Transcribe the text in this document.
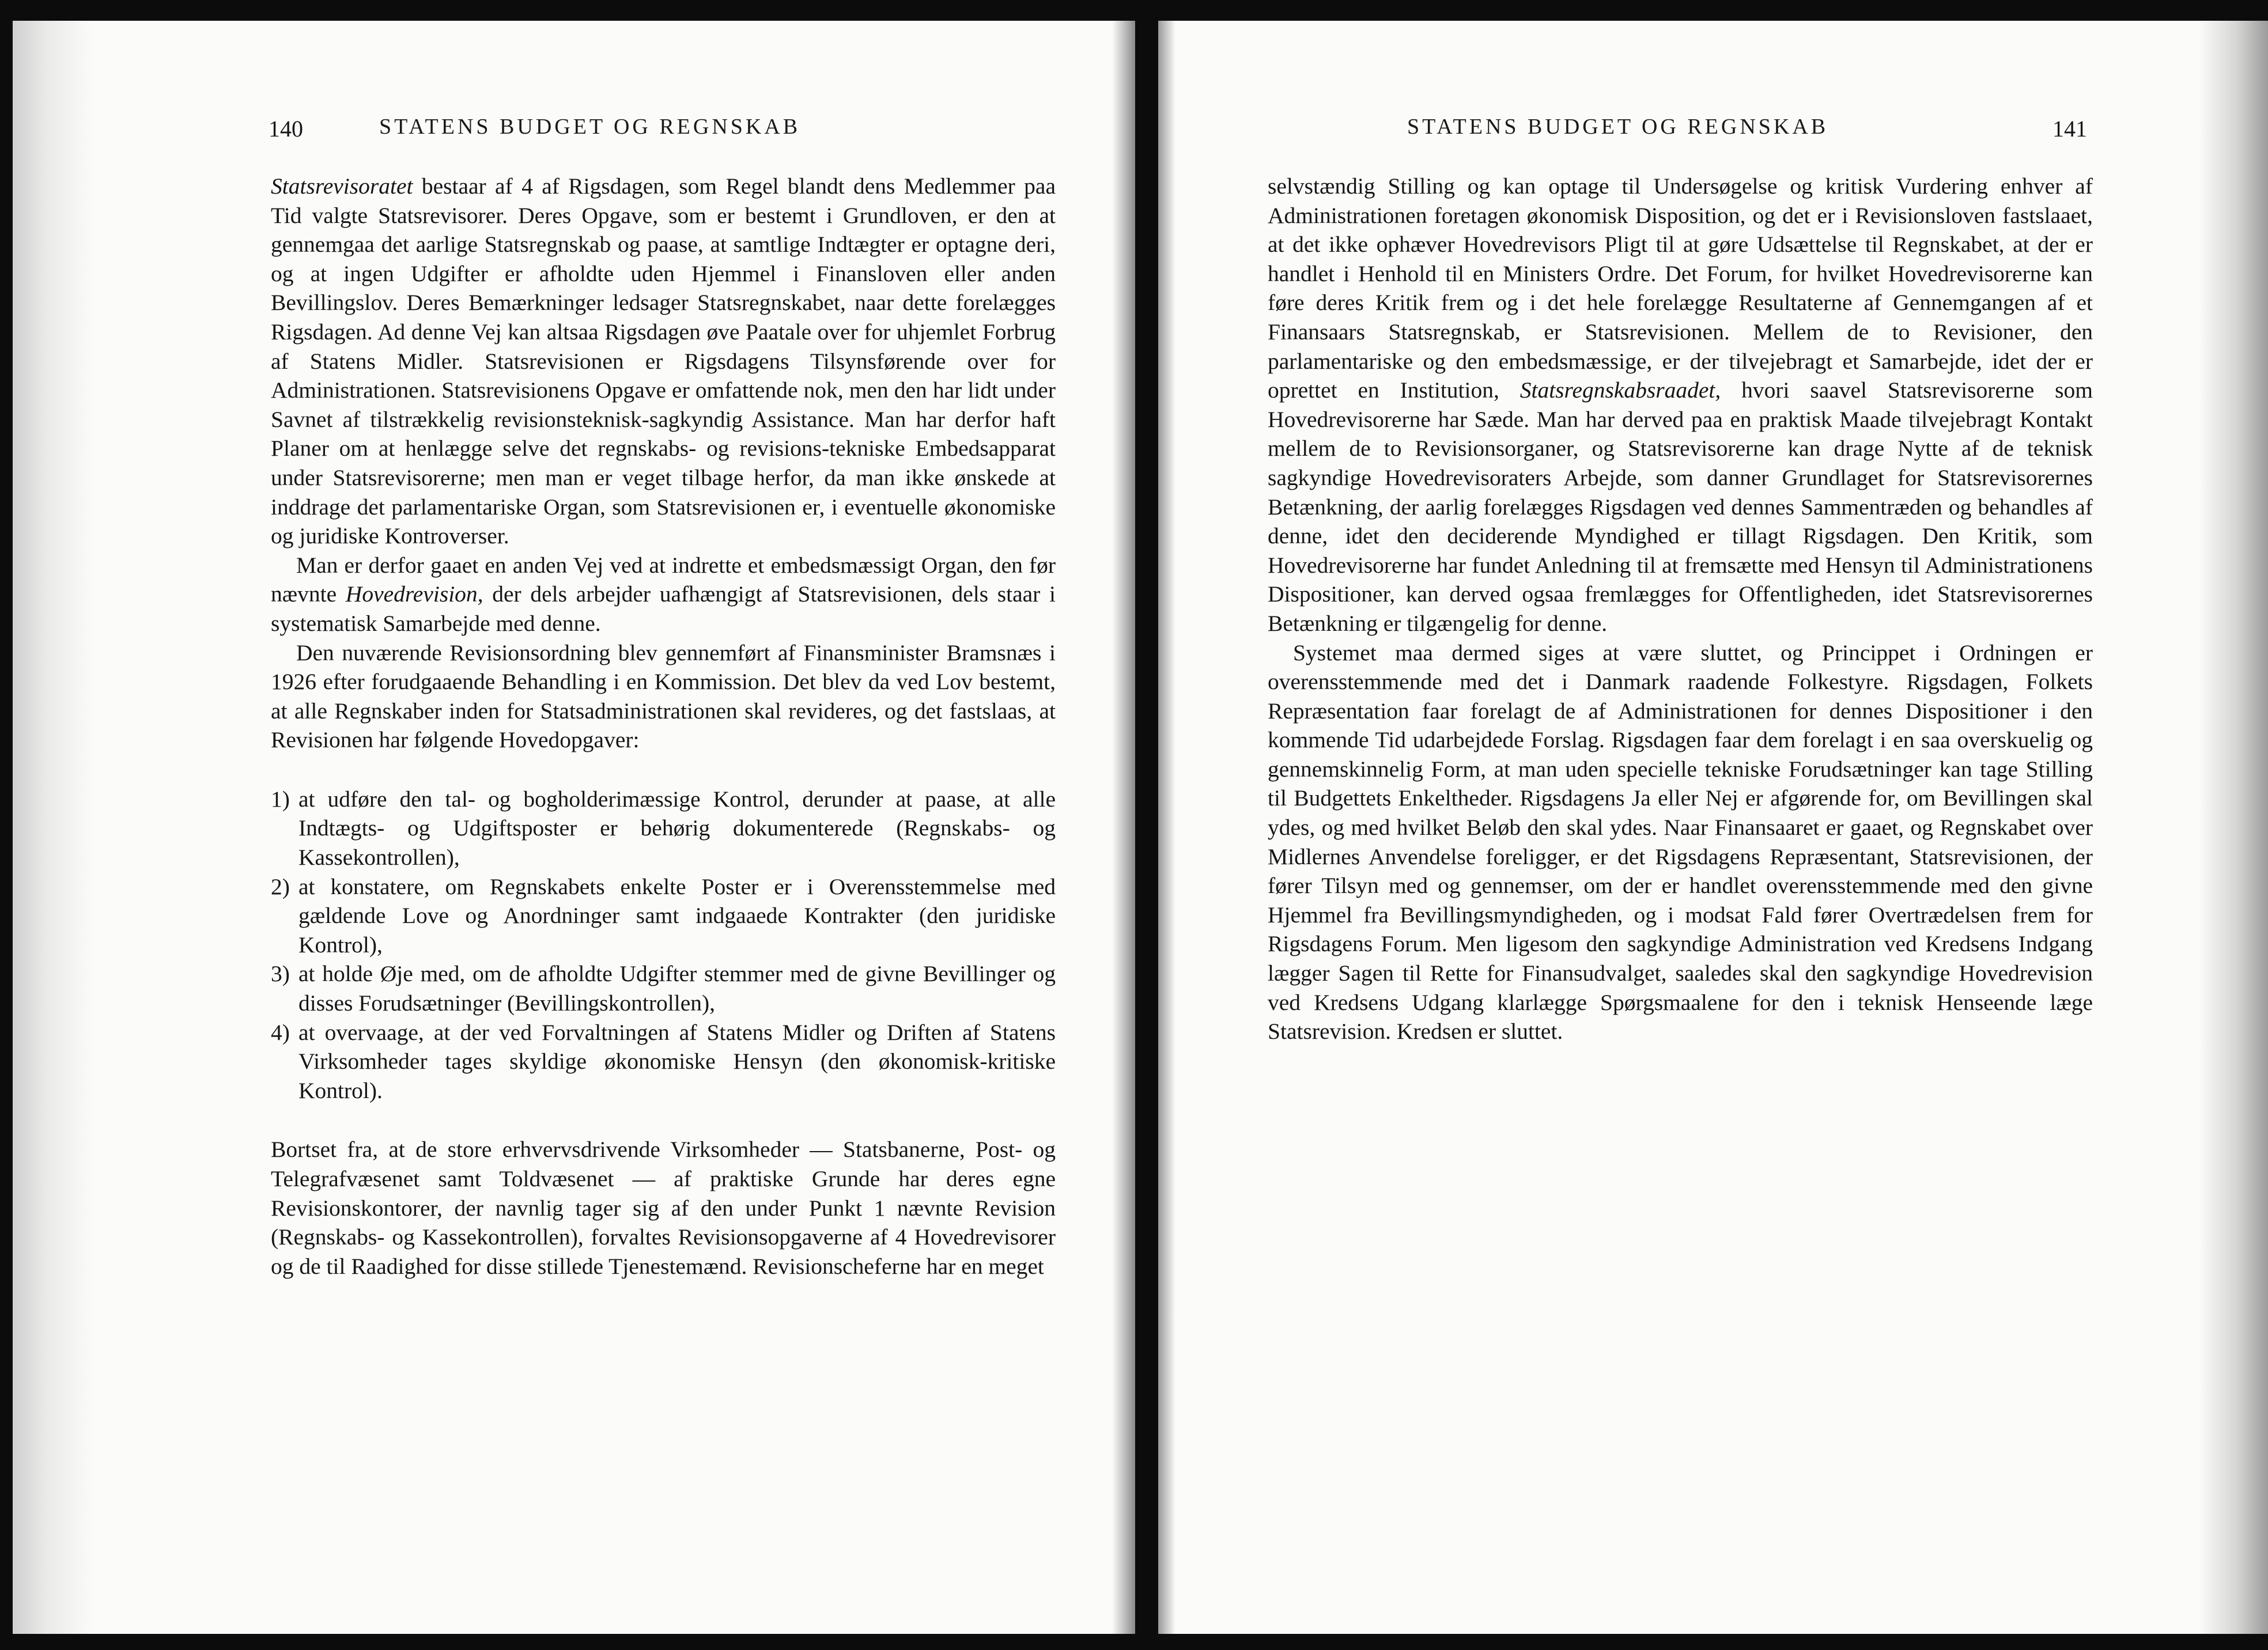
140	STATENS BUDGET OG REGNSKAB

Statsrevisoratet bestaar af 4 af Rigsdagen, som Regel blandt dens Medlemmer paa Tid valgte Statsrevisorer. Deres Opgave, som er bestemt i Grundloven, er den at gennemgaa det aarlige Statsregnskab og paase, at samtlige Indtægter er optagne deri, og at ingen Udgifter er afholdte uden Hjemmel i Finansloven eller anden Bevillingslov. Deres Bemærkninger ledsager Statsregnskabet, naar dette forelægges Rigsdagen. Ad denne Vej kan altsaa Rigsdagen øve Paatale over for uhjemlet Forbrug af Statens Midler. Statsrevisionen er Rigsdagens Tilsynsførende over for Administrationen. Statsrevisionens Opgave er omfattende nok, men den har lidt under Savnet af tilstrækkelig revisionsteknisk-sagkyndig Assistance. Man har derfor haft Planer om at henlægge selve det regnskabs- og revisions-tekniske Embedsapparat under Statsrevisorerne; men man er veget tilbage herfor, da man ikke ønskede at inddrage det parlamentariske Organ, som Statsrevisionen er, i eventuelle økonomiske og juridiske Kontroverser.

Man er derfor gaaet en anden Vej ved at indrette et embedsmæssigt Organ, den før nævnte Hovedrevision, der dels arbejder uafhængigt af Statsrevisionen, dels staar i systematisk Samarbejde med denne.

Den nuværende Revisionsordning blev gennemført af Finansminister Bramsnæs i 1926 efter forudgaaende Behandling i en Kommission. Det blev da ved Lov bestemt, at alle Regnskaber inden for Statsadministrationen skal revideres, og det fastslaas, at Revisionen har følgende Hovedopgaver:

1) at udføre den tal- og bogholderimæssige Kontrol, derunder at paase, at alle Indtægts- og Udgiftsposter er behørig dokumenterede (Regnskabs- og Kassekontrollen),
2) at konstatere, om Regnskabets enkelte Poster er i Overensstemmelse med gældende Love og Anordninger samt indgaaede Kontrakter (den juridiske Kontrol),
3) at holde Øje med, om de afholdte Udgifter stemmer med de givne Bevillinger og disses Forudsætninger (Bevillingskontrollen),
4) at overvaage, at der ved Forvaltningen af Statens Midler og Driften af Statens Virksomheder tages skyldige økonomiske Hensyn (den økonomisk-kritiske Kontrol).

Bortset fra, at de store erhvervsdrivende Virksomheder — Statsbanerne, Post- og Telegrafvæsenet samt Toldvæsenet — af praktiske Grunde har deres egne Revisionskontorer, der navnlig tager sig af den under Punkt 1 nævnte Revision (Regnskabs- og Kassekontrollen), forvaltes Revisionsopgaverne af 4 Hovedrevisorer og de til Raadighed for disse stillede Tjenestemænd. Revisionscheferne har en meget

STATENS BUDGET OG REGNSKAB	141

selvstændig Stilling og kan optage til Undersøgelse og kritisk Vurdering enhver af Administrationen foretagen økonomisk Disposition, og det er i Revisionsloven fastslaaet, at det ikke ophæver Hovedrevisors Pligt til at gøre Udsættelse til Regnskabet, at der er handlet i Henhold til en Ministers Ordre. Det Forum, for hvilket Hovedrevisorerne kan føre deres Kritik frem og i det hele forelægge Resultaterne af Gennemgangen af et Finansaars Statsregnskab, er Statsrevisionen. Mellem de to Revisioner, den parlamentariske og den embedsmæssige, er der tilvejebragt et Samarbejde, idet der er oprettet en Institution, Statsregnskabsraadet, hvori saavel Statsrevisorerne som Hovedrevisorerne har Sæde. Man har derved paa en praktisk Maade tilvejebragt Kontakt mellem de to Revisionsorganer, og Statsrevisorerne kan drage Nytte af de teknisk sagkyndige Hovedrevisoraters Arbejde, som danner Grundlaget for Statsrevisorernes Betænkning, der aarlig forelægges Rigsdagen ved dennes Sammentræden og behandles af denne, idet den deciderende Myndighed er tillagt Rigsdagen. Den Kritik, som Hovedrevisorerne har fundet Anledning til at fremsætte med Hensyn til Administrationens Dispositioner, kan derved ogsaa fremlægges for Offentligheden, idet Statsrevisorernes Betænkning er tilgængelig for denne.

Systemet maa dermed siges at være sluttet, og Princippet i Ordningen er overensstemmende med det i Danmark raadende Folkestyre. Rigsdagen, Folkets Repræsentation faar forelagt de af Administrationen for dennes Dispositioner i den kommende Tid udarbejdede Forslag. Rigsdagen faar dem forelagt i en saa overskuelig og gennemskinnelig Form, at man uden specielle tekniske Forudsætninger kan tage Stilling til Budgettets Enkeltheder. Rigsdagens Ja eller Nej er afgørende for, om Bevillingen skal ydes, og med hvilket Beløb den skal ydes. Naar Finansaaret er gaaet, og Regnskabet over Midlernes Anvendelse foreligger, er det Rigsdagens Repræsentant, Statsrevisionen, der fører Tilsyn med og gennemser, om der er handlet overensstemmende med den givne Hjemmel fra Bevillingsmyndigheden, og i modsat Fald fører Overtrædelsen frem for Rigsdagens Forum. Men ligesom den sagkyndige Administration ved Kredsens Indgang lægger Sagen til Rette for Finansudvalget, saaledes skal den sagkyndige Hovedrevision ved Kredsens Udgang klarlægge Spørgsmaalene for den i teknisk Henseende læge Statsrevision. Kredsen er sluttet.
